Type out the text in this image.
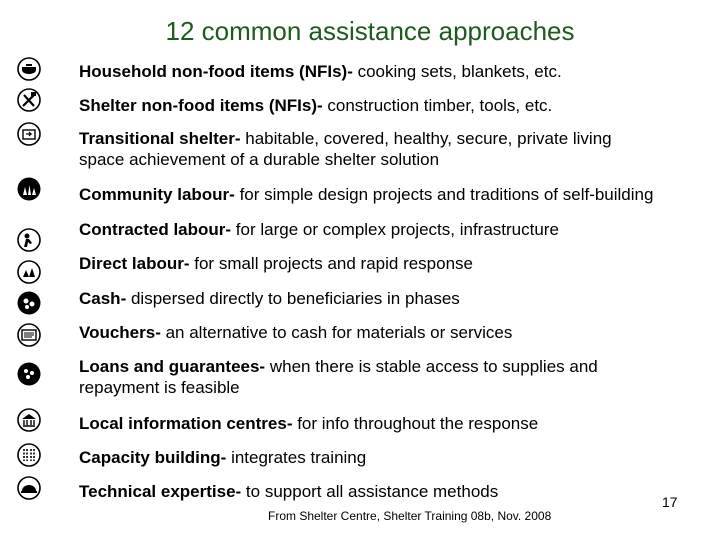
12 common assistance approaches
Household non-food items (NFIs)- cooking sets, blankets, etc.
Shelter non-food items (NFIs)- construction timber, tools, etc.
Transitional shelter- habitable, covered, healthy, secure, private living
space achievement of a durable shelter solution
Community labour- for simple design projects and traditions of self-building
Contracted labour- for large or complex projects, infrastructure
Direct labour- for small projects and rapid response
Cash- dispersed directly to beneficiaries in phases
Vouchers- an alternative to cash for materials or services
Loans and guarantees- when there is stable access to supplies and
repayment is feasible
Local information centres- for info throughout the response
Capacity building- integrates training
Technical expertise- to support all assistance methods
From Shelter Centre, Shelter Training 08b, Nov. 2008
17
